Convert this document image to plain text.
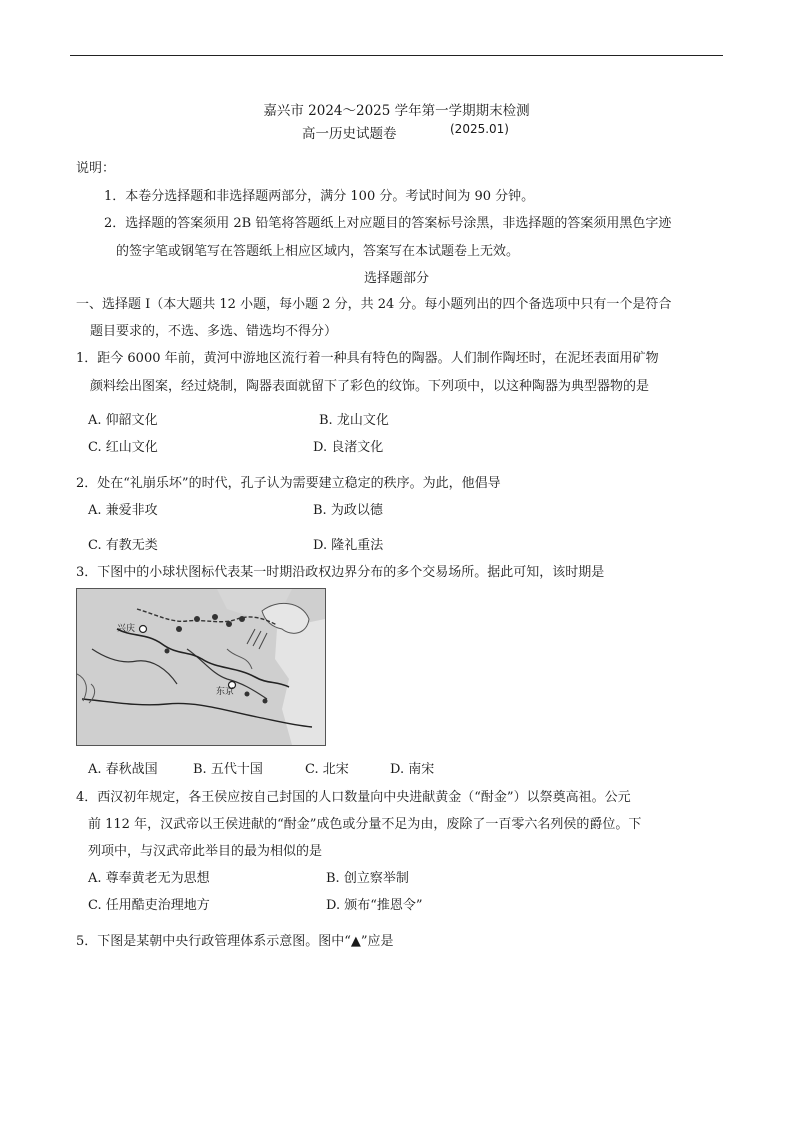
嘉兴市 2024～2025 学年第一学期期末检测
高一历史试题卷	(2025.01)
说明：
1．本卷分选择题和非选择题两部分，满分 100 分。考试时间为 90 分钟。
2．选择题的答案须用 2B 铅笔将答题纸上对应题目的答案标号涂黑，非选择题的答案须用黑色字迹
的签字笔或钢笔写在答题纸上相应区域内，答案写在本试题卷上无效。
选择题部分
一、选择题 Ⅰ（本大题共 12 小题，每小题 2 分，共 24 分。每小题列出的四个备选项中只有一个是符合
题目要求的，不选、多选、错选均不得分）
1．距今 6000 年前，黄河中游地区流行着一种具有特色的陶器。人们制作陶坯时，在泥坯表面用矿物
颜料绘出图案，经过烧制，陶器表面就留下了彩色的纹饰。下列项中，以这种陶器为典型器物的是
A. 仰韶文化	B. 龙山文化
C. 红山文化	D. 良渚文化
2．处在“礼崩乐坏”的时代，孔子认为需要建立稳定的秩序。为此，他倡导
A. 兼爱非攻	B. 为政以德
C. 有教无类	D. 隆礼重法
3．下图中的小球状图标代表某一时期沿政权边界分布的多个交易场所。据此可知，该时期是
兴庆
东京
A. 春秋战国	B. 五代十国	C. 北宋	D. 南宋
4．西汉初年规定，各王侯应按自己封国的人口数量向中央进献黄金（“酎金”）以祭奠高祖。公元
前 112 年，汉武帝以王侯进献的“酎金”成色或分量不足为由，废除了一百零六名列侯的爵位。下
列项中，与汉武帝此举目的最为相似的是
A. 尊奉黄老无为思想	B. 创立察举制
C. 任用酷吏治理地方	D. 颁布“推恩令”
5．下图是某朝中央行政管理体系示意图。图中“▲”应是
